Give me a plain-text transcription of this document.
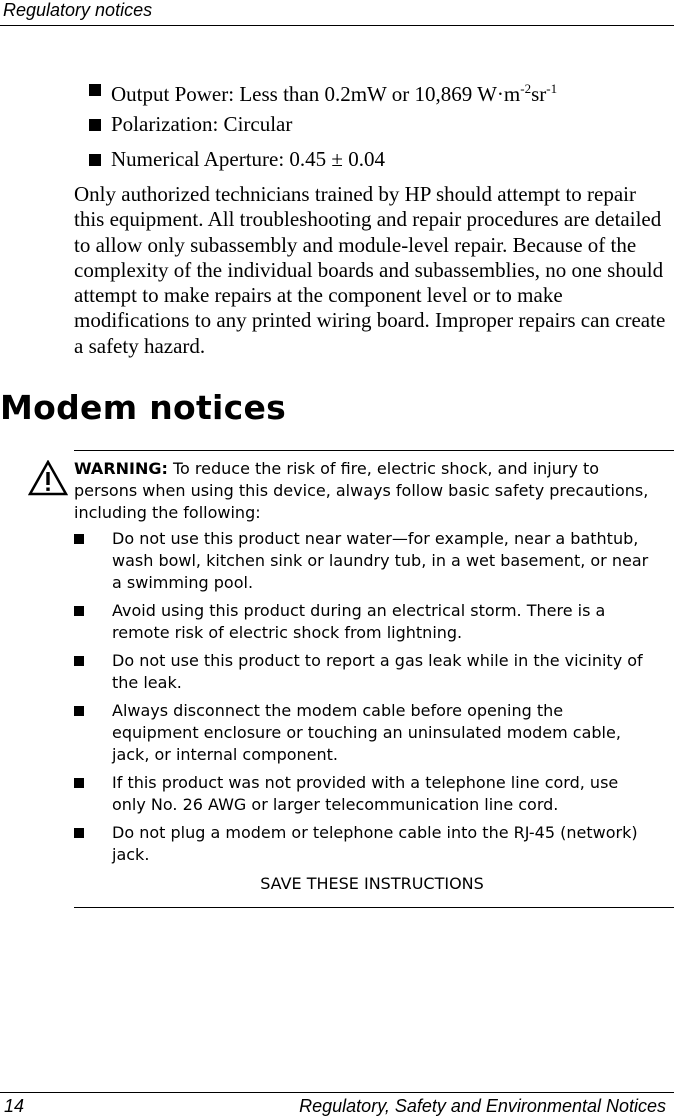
Regulatory notices
Output Power: Less than 0.2mW or 10,869 $W\cdot m^{-2}sr^{-1}$
Polarization: Circular
Numerical Aperture: 0.45 ± 0.04

Only authorized technicians trained by HP should attempt to repair this equipment. All troubleshooting and repair procedures are detailed to allow only subassembly and module-level repair. Because of the complexity of the individual boards and subassemblies, no one should attempt to make repairs at the component level or to make modifications to any printed wiring board. Improper repairs can create a safety hazard.

Modem notices

WARNING: To reduce the risk of fire, electric shock, and injury to persons when using this device, always follow basic safety precautions, including the following:

Do not use this product near water—for example, near a bathtub, wash bowl, kitchen sink or laundry tub, in a wet basement, or near a swimming pool.
Avoid using this product during an electrical storm. There is a remote risk of electric shock from lightning.
Do not use this product to report a gas leak while in the vicinity of the leak.
Always disconnect the modem cable before opening the equipment enclosure or touching an uninsulated modem cable, jack, or internal component.
If this product was not provided with a telephone line cord, use only No. 26 AWG or larger telecommunication line cord.
Do not plug a modem or telephone cable into the RJ-45 (network) jack.

SAVE THESE INSTRUCTIONS

14	Regulatory, Safety and Environmental Notices
